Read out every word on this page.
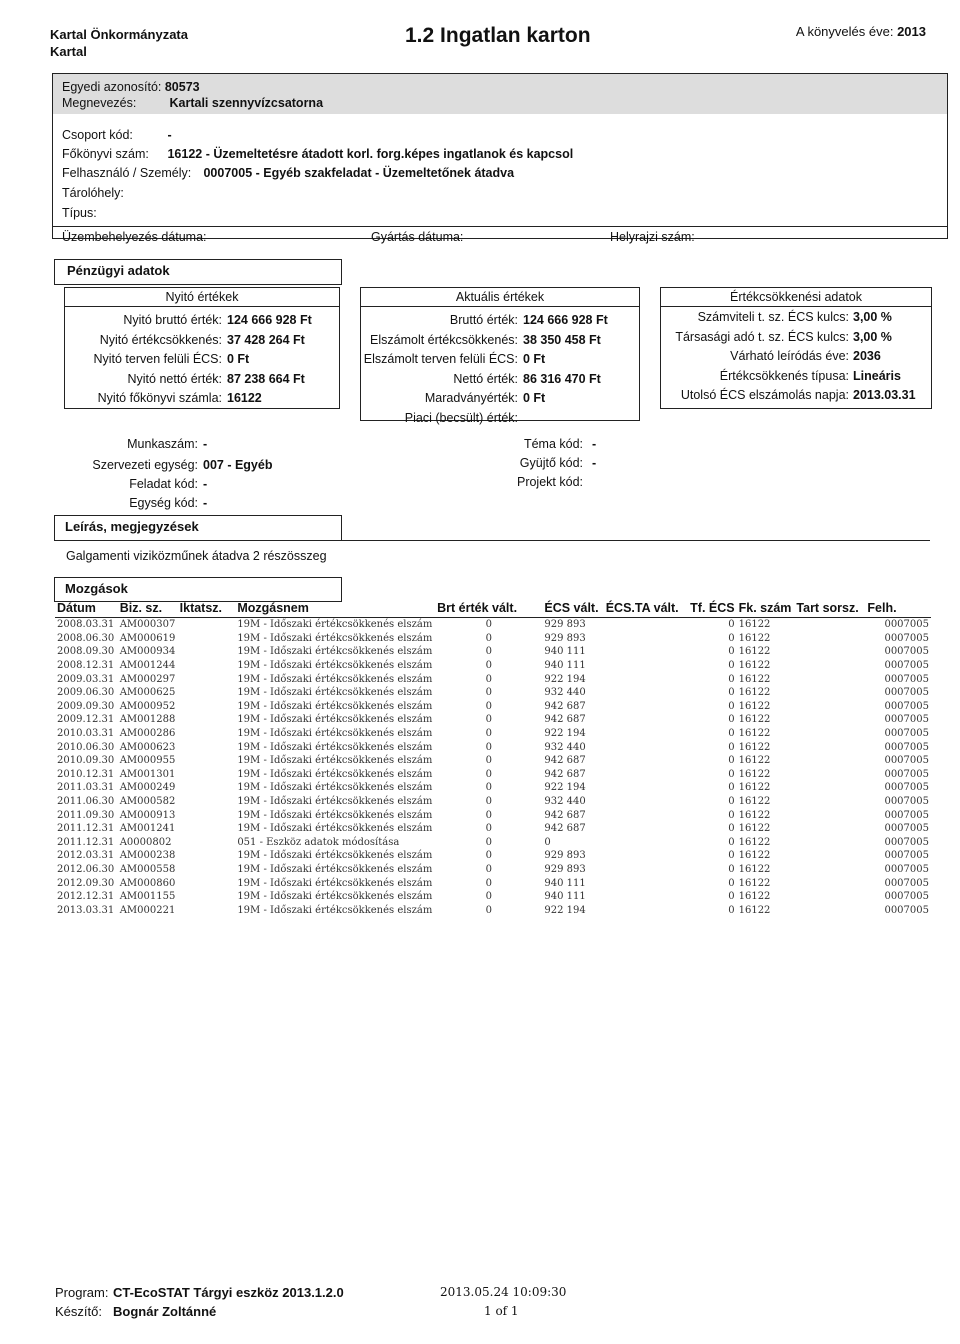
Kartal Önkormányzata
Kartal
1.2 Ingatlan karton	A könyvelés éve: 2013
Egyedi azonosító: 80573
Megnevezés:	Kartali szennyvízcsatorna
Csoport kód:	-
Főkönyvi szám: 16122 - Üzemeltetésre átadott korl. forg.képes ingatlanok és kapcsol
Felhasználó / Személy: 0007005 - Egyéb szakfeladat - Üzemeltetőnek átadva
Tárolóhely:
Típus:
Üzembehelyezés dátuma:	Gyártás dátuma:	Helyrajzi szám:
Pénzügyi adatok
Nyitó értékek
Nyitó bruttó érték: 124 666 928 Ft
Nyitó értékcsökkenés: 37 428 264 Ft
Nyitó terven felüli ÉCS: 0 Ft
Nyitó nettó érték: 87 238 664 Ft
Nyitó főkönyvi számla: 16122
Aktuális értékek
Bruttó érték: 124 666 928 Ft
Elszámolt értékcsökkenés: 38 350 458 Ft
Elszámolt terven felüli ÉCS: 0 Ft
Nettó érték: 86 316 470 Ft
Maradványérték: 0 Ft
Piaci (becsült) érték:
Értékcsökkenési adatok
Számviteli t. sz. ÉCS kulcs: 3,00 %
Társasági adó t. sz. ÉCS kulcs: 3,00 %
Várható leíródás éve: 2036
Értékcsökkenés típusa: Lineáris
Utolsó ÉCS elszámolás napja: 2013.03.31
Munkaszám: -
Szervezeti egység: 007 - Egyéb
Feladat kód: -
Egység kód: -
Téma kód: -
Gyüjtő kód: -
Projekt kód:
Leírás, megjegyzések
Galgamenti viziközműnek átadva 2 részösszeg
Mozgások
Dátum	Biz. sz.	Iktatsz.	Mozgásnem	Brt érték vált.	ÉCS vált.	ÉCS.TA vált.	Tf. ÉCS	Fk. szám	Tart sorsz.	Felh.
2008.03.31	AM000307		19M - Időszaki értékcsökkenés elszám	0	929 893		0	16122		0007005
2008.06.30	AM000619		19M - Időszaki értékcsökkenés elszám	0	929 893		0	16122		0007005
2008.09.30	AM000934		19M - Időszaki értékcsökkenés elszám	0	940 111		0	16122		0007005
2008.12.31	AM001244		19M - Időszaki értékcsökkenés elszám	0	940 111		0	16122		0007005
2009.03.31	AM000297		19M - Időszaki értékcsökkenés elszám	0	922 194		0	16122		0007005
2009.06.30	AM000625		19M - Időszaki értékcsökkenés elszám	0	932 440		0	16122		0007005
2009.09.30	AM000952		19M - Időszaki értékcsökkenés elszám	0	942 687		0	16122		0007005
2009.12.31	AM001288		19M - Időszaki értékcsökkenés elszám	0	942 687		0	16122		0007005
2010.03.31	AM000286		19M - Időszaki értékcsökkenés elszám	0	922 194		0	16122		0007005
2010.06.30	AM000623		19M - Időszaki értékcsökkenés elszám	0	932 440		0	16122		0007005
2010.09.30	AM000955		19M - Időszaki értékcsökkenés elszám	0	942 687		0	16122		0007005
2010.12.31	AM001301		19M - Időszaki értékcsökkenés elszám	0	942 687		0	16122		0007005
2011.03.31	AM000249		19M - Időszaki értékcsökkenés elszám	0	922 194		0	16122		0007005
2011.06.30	AM000582		19M - Időszaki értékcsökkenés elszám	0	932 440		0	16122		0007005
2011.09.30	AM000913		19M - Időszaki értékcsökkenés elszám	0	942 687		0	16122		0007005
2011.12.31	AM001241		19M - Időszaki értékcsökkenés elszám	0	942 687		0	16122		0007005
2011.12.31	A0000802		051 - Eszköz adatok módosítása	0	0		0	16122		0007005
2012.03.31	AM000238		19M - Időszaki értékcsökkenés elszám	0	929 893		0	16122		0007005
2012.06.30	AM000558		19M - Időszaki értékcsökkenés elszám	0	929 893		0	16122		0007005
2012.09.30	AM000860		19M - Időszaki értékcsökkenés elszám	0	940 111		0	16122		0007005
2012.12.31	AM001155		19M - Időszaki értékcsökkenés elszám	0	940 111		0	16122		0007005
2013.03.31	AM000221		19M - Időszaki értékcsökkenés elszám	0	922 194		0	16122		0007005
Program: CT-EcoSTAT Tárgyi eszköz 2013.1.2.0
Készítő: Bognár Zoltánné
2013.05.24 10:09:30
1 of 1
